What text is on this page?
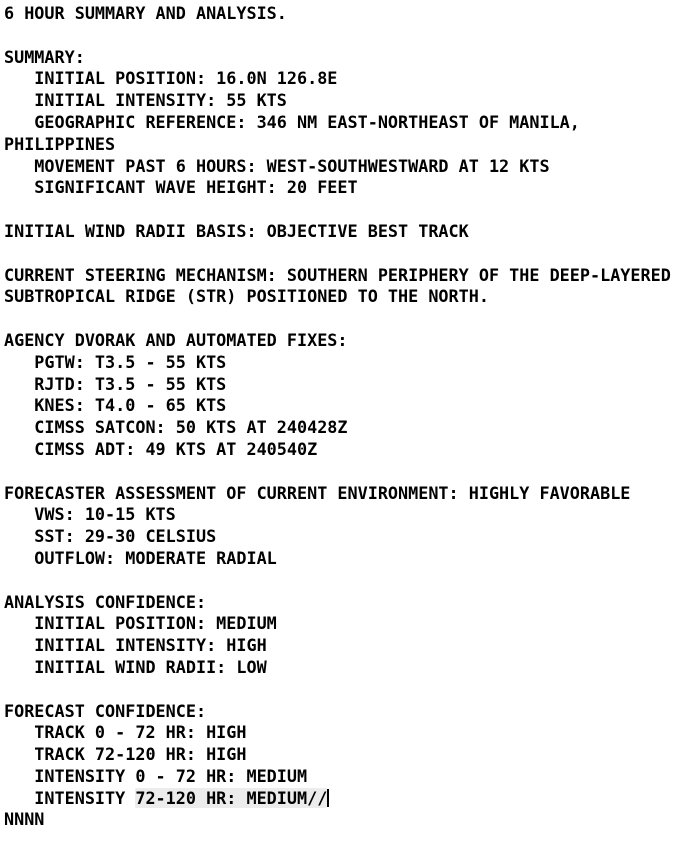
6 HOUR SUMMARY AND ANALYSIS.
SUMMARY:
INITIAL POSITION: 16.0N 126.8E
INITIAL INTENSITY: 55 KTS
GEOGRAPHIC REFERENCE: 346 NM EAST-NORTHEAST OF MANILA,
PHILIPPINES
MOVEMENT PAST 6 HOURS: WEST-SOUTHWESTWARD AT 12 KTS
SIGNIFICANT WAVE HEIGHT: 20 FEET
INITIAL WIND RADII BASIS: OBJECTIVE BEST TRACK
CURRENT STEERING MECHANISM: SOUTHERN PERIPHERY OF THE DEEP-LAYERED
SUBTROPICAL RIDGE (STR) POSITIONED TO THE NORTH.
AGENCY DVORAK AND AUTOMATED FIXES:
PGTW: T3.5 - 55 KTS
RJTD: T3.5 - 55 KTS
KNES: T4.0 - 65 KTS
CIMSS SATCON: 50 KTS AT 240428Z
CIMSS ADT: 49 KTS AT 240540Z
FORECASTER ASSESSMENT OF CURRENT ENVIRONMENT: HIGHLY FAVORABLE
VWS: 10-15 KTS
SST: 29-30 CELSIUS
OUTFLOW: MODERATE RADIAL
ANALYSIS CONFIDENCE:
INITIAL POSITION: MEDIUM
INITIAL INTENSITY: HIGH
INITIAL WIND RADII: LOW
FORECAST CONFIDENCE:
TRACK 0 - 72 HR: HIGH
TRACK 72-120 HR: HIGH
INTENSITY 0 - 72 HR: MEDIUM
INTENSITY 72-120 HR: MEDIUM//
NNNN
